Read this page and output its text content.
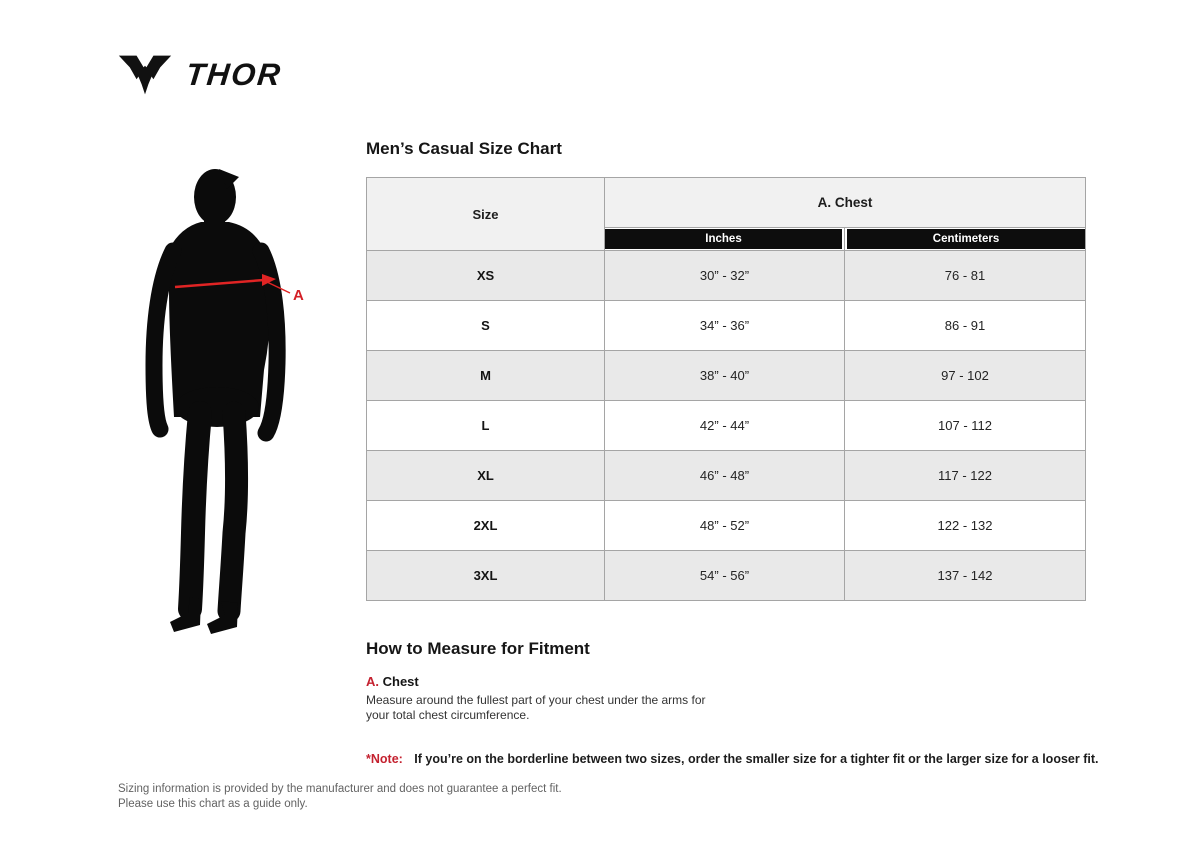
THOR
A
Men’s Casual Size Chart
Size	A. Chest	

	Inches	Centimeters

XS	30” - 32”	76 - 81
S	34” - 36”	86 - 91
M	38” - 40”	97 - 102
L	42” - 44”	107 - 112
XL	46” - 48”	117 - 122
2XL	48” - 52”	122 - 132
3XL	54” - 56”	137 - 142
How to Measure for Fitment
A. Chest
Measure around the fullest part of your chest under the arms for your total chest circumference.
*Note: If you’re on the borderline between two sizes, order the smaller size for a tighter fit or the larger size for a looser fit.
Sizing information is provided by the manufacturer and does not guarantee a perfect fit.
Please use this chart as a guide only.
